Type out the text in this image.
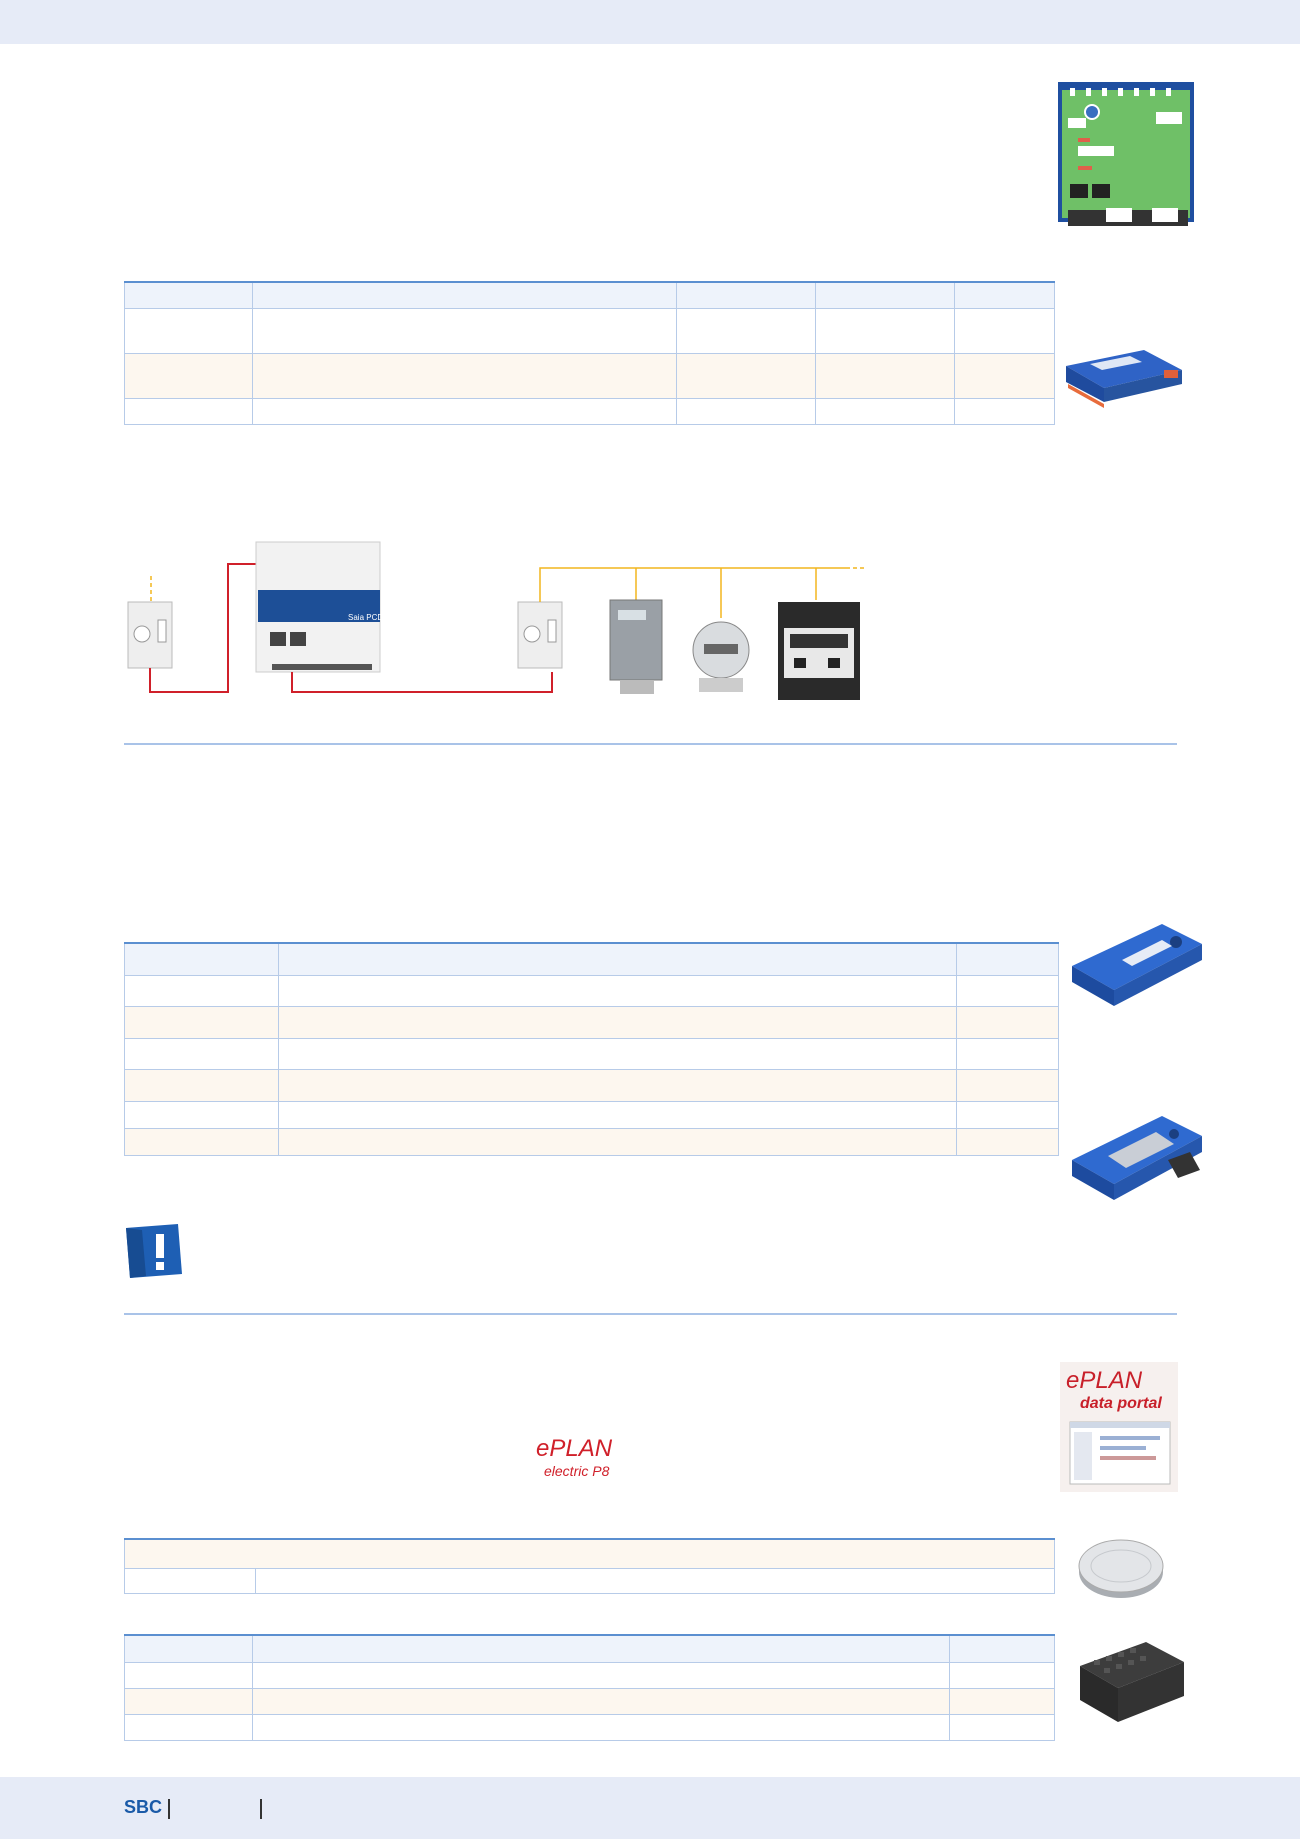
Saia PCD1

ePLAN
electric P8
ePLAN
data portal

SBC
